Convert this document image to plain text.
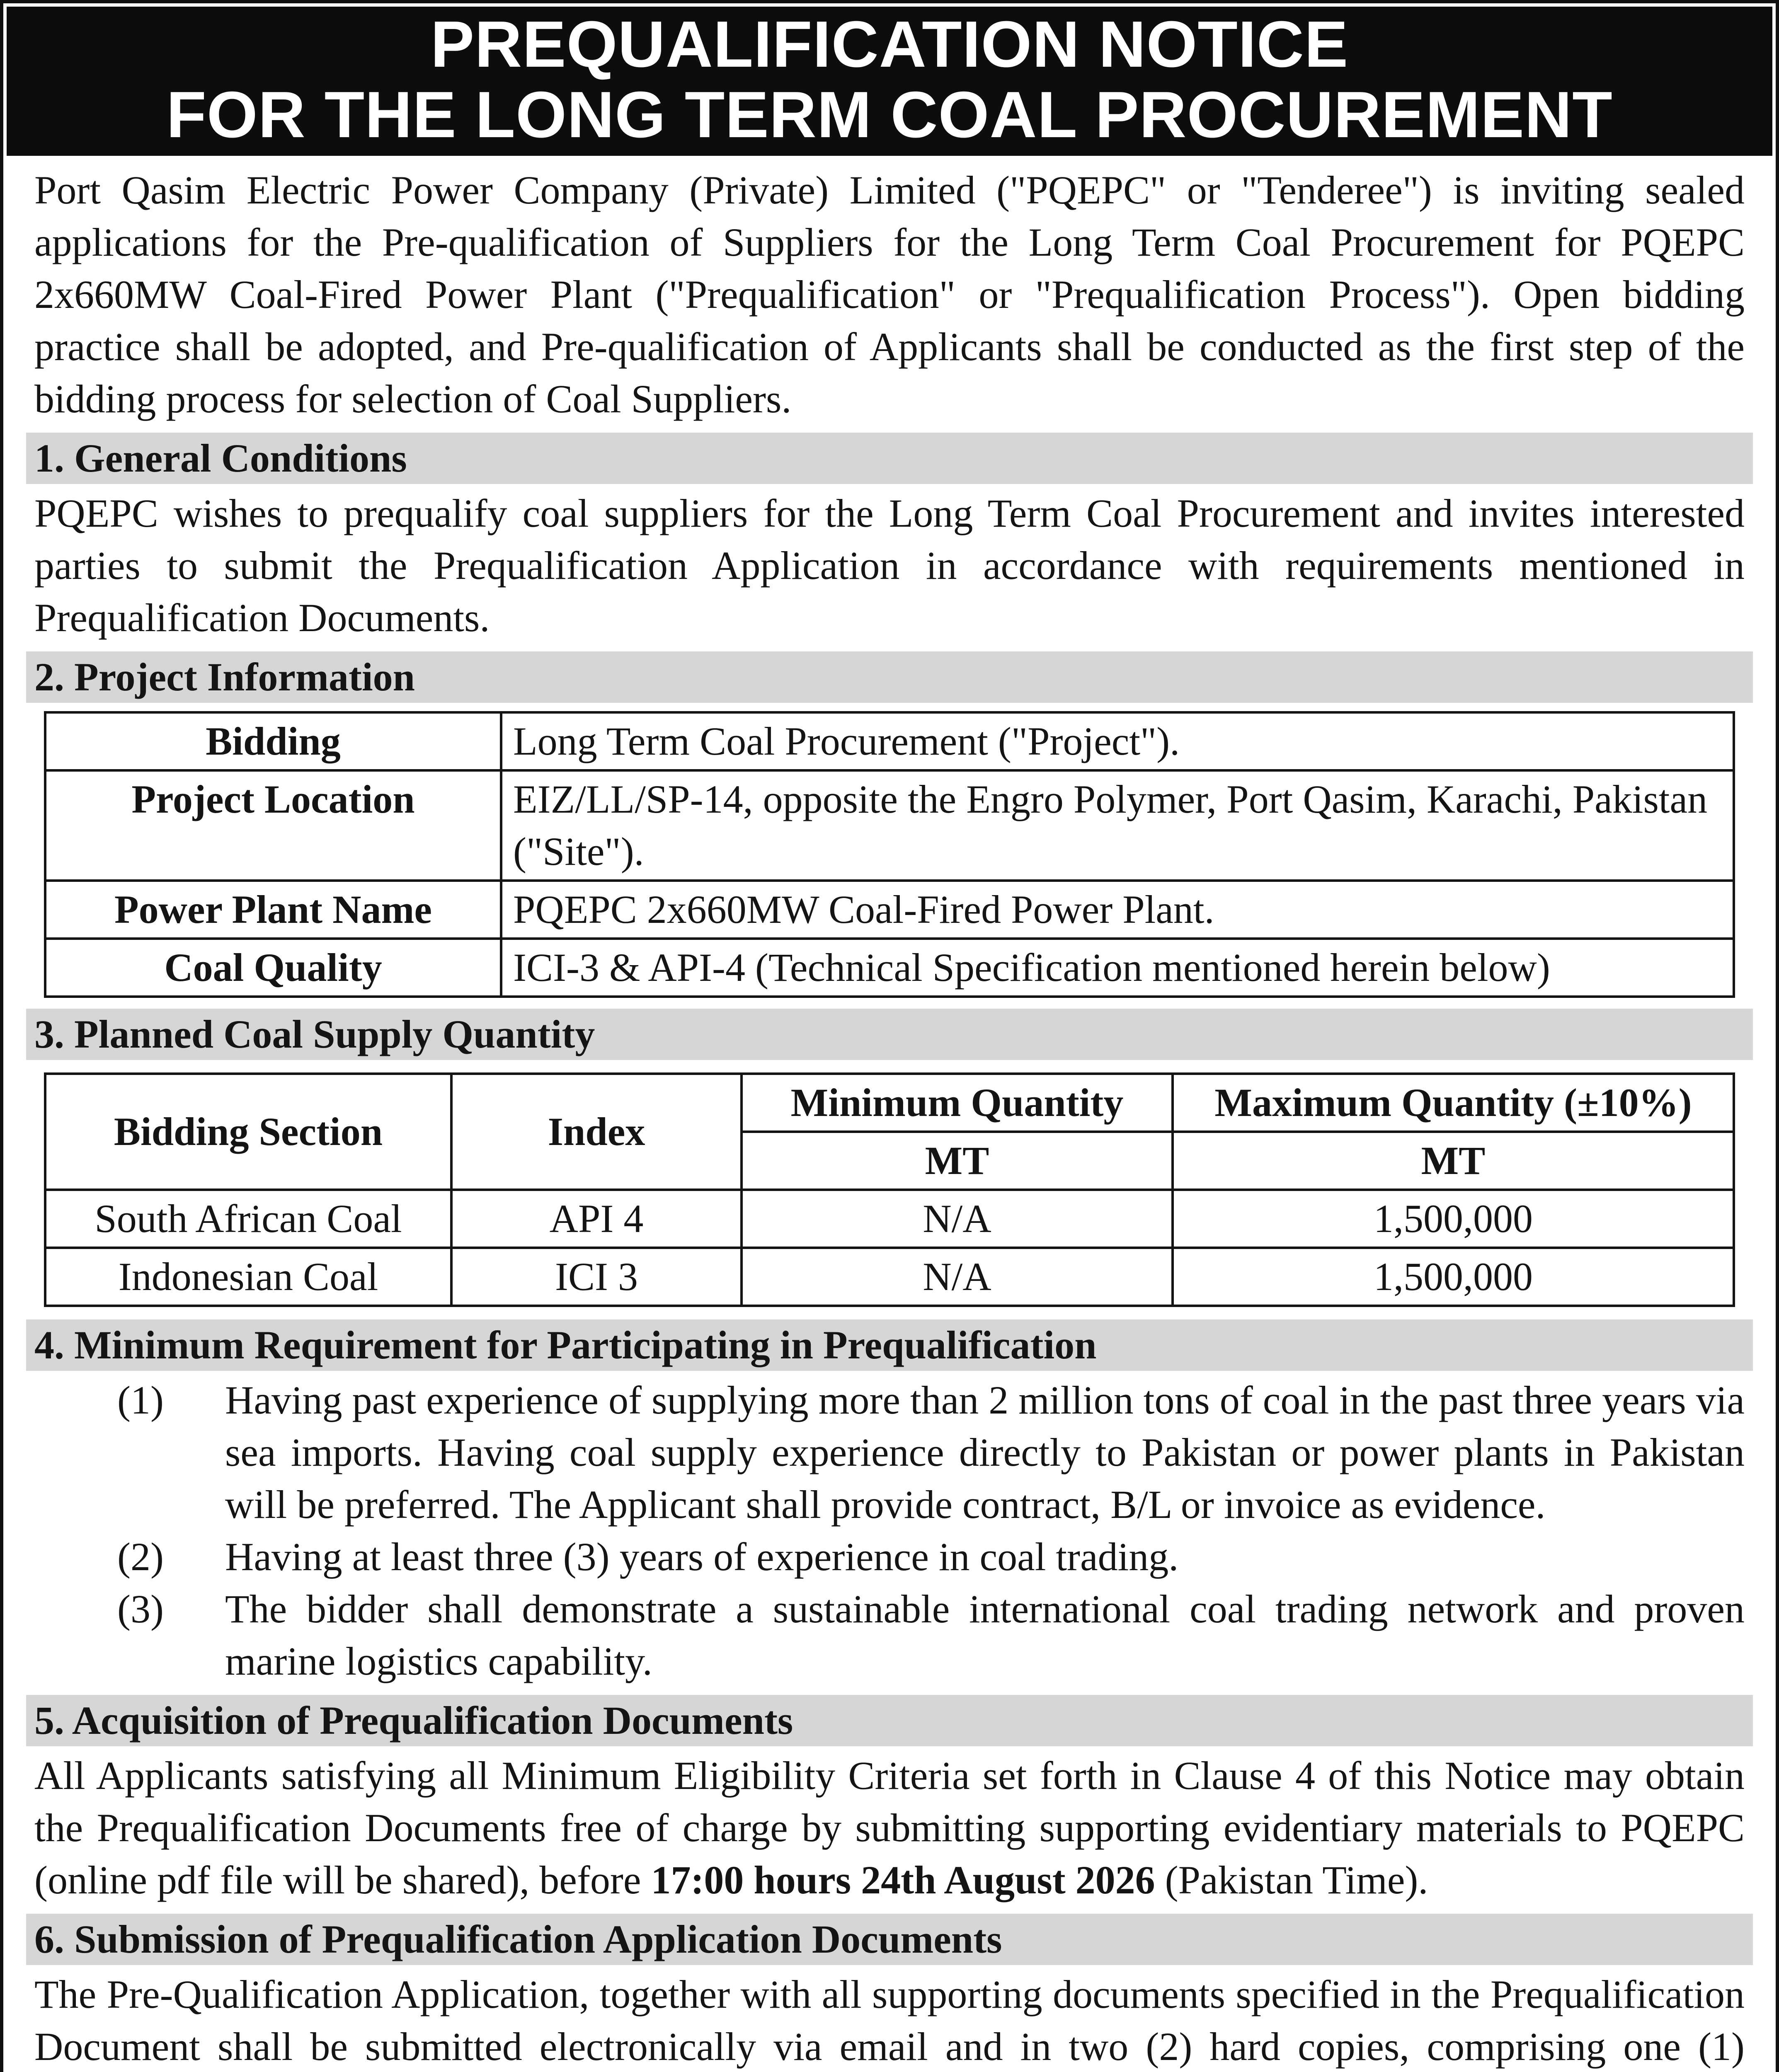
PREQUALIFICATION NOTICE
FOR THE LONG TERM COAL PROCUREMENT

Port Qasim Electric Power Company (Private) Limited ("PQEPC" or "Tenderee") is inviting sealed applications for the Pre-qualification of Suppliers for the Long Term Coal Procurement for PQEPC 2x660MW Coal-Fired Power Plant ("Prequalification" or "Prequalification Process"). Open bidding practice shall be adopted, and Pre-qualification of Applicants shall be conducted as the first step of the bidding process for selection of Coal Suppliers.

1. General Conditions

PQEPC wishes to prequalify coal suppliers for the Long Term Coal Procurement and invites interested parties to submit the Prequalification Application in accordance with requirements mentioned in Prequalification Documents.

2. Project Information
Bidding	Long Term Coal Procurement ("Project").
Project Location	EIZ/LL/SP-14, opposite the Engro Polymer, Port Qasim, Karachi, Pakistan ("Site").
Power Plant Name	PQEPC 2x660MW Coal-Fired Power Plant.
Coal Quality	ICI-3 & API-4 (Technical Specification mentioned herein below)
3. Planned Coal Supply Quantity
Bidding Section	Index	Minimum Quantity	Maximum Quantity (±10%)
		MT	MT
South African Coal	API 4	N/A	1,500,000
Indonesian Coal	ICI 3	N/A	1,500,000
4. Minimum Requirement for Participating in Prequalification
(1)	Having past experience of supplying more than 2 million tons of coal in the past three years via sea imports. Having coal supply experience directly to Pakistan or power plants in Pakistan will be preferred. The Applicant shall provide contract, B/L or invoice as evidence.
(2)	Having at least three (3) years of experience in coal trading.
(3)	The bidder shall demonstrate a sustainable international coal trading network and proven marine logistics capability.
5. Acquisition of Prequalification Documents

All Applicants satisfying all Minimum Eligibility Criteria set forth in Clause 4 of this Notice may obtain the Prequalification Documents free of charge by submitting supporting evidentiary materials to PQEPC (online pdf file will be shared), before 17:00 hours 24th August 2026 (Pakistan Time).

6. Submission of Prequalification Application Documents

The Pre-Qualification Application, together with all supporting documents specified in the Prequalification Document shall be submitted electronically via email and in two (2) hard copies, comprising one (1)
